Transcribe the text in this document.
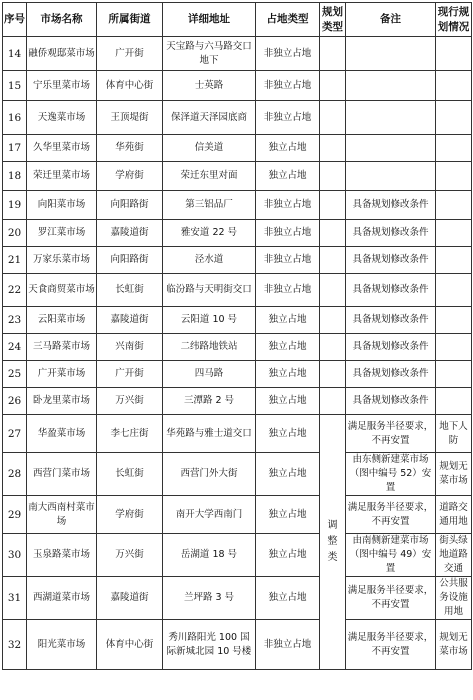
序号	市场名称	所属街道	详细地址	占地类型	规划类型	备注	现行规划情况
14	融侨观邸菜市场	广开街	天宝路与六马路交口地下	非独立占地			
15	宁乐里菜市场	体育中心街	士英路	非独立占地			
16	天逸菜市场	王顶堤街	保泽道天泽园底商	非独立占地			
17	久华里菜市场	华苑街	信美道	独立占地			
18	荣迁里菜市场	学府街	荣迁东里对面	独立占地			
19	向阳菜市场	向阳路街	第三铝品厂	非独立占地		具备规划修改条件	
20	罗江菜市场	嘉陵道街	雅安道 22 号	非独立占地		具备规划修改条件	
21	万家乐菜市场	向阳路街	泾水道	非独立占地		具备规划修改条件	
22	天食商贸菜市场	长虹街	临汾路与天明街交口	非独立占地		具备规划修改条件	
23	云阳菜市场	嘉陵道街	云阳道 10 号	独立占地		具备规划修改条件	
24	三马路菜市场	兴南街	二纬路地铁站	独立占地		具备规划修改条件	
25	广开菜市场	广开街	四马路	独立占地		具备规划修改条件	
26	卧龙里菜市场	万兴街	三潭路 2 号	独立占地		具备规划修改条件	
27	华盈菜市场	李七庄街	华苑路与雅士道交口	独立占地	调整类	满足服务半径要求，不再安置	地下人防
28	西营门菜市场	长虹街	西营门外大街	独立占地		由东侧新建菜市场（图中编号 52）安置	规划无菜市场
29	南大西南村菜市场	学府街	南开大学西南门	独立占地		满足服务半径要求，不再安置	道路交通用地
30	玉泉路菜市场	万兴街	岳湖道 18 号	独立占地		由南侧新建菜市场（图中编号 49）安置	街头绿地道路交通
31	西湖道菜市场	嘉陵道街	兰坪路 3 号	独立占地		满足服务半径要求，不再安置	公共服务设施用地
32	阳光菜市场	体育中心街	秀川路阳光 100 国际新城北园 10 号楼	非独立占地		满足服务半径要求，不再安置	规划无菜市场
